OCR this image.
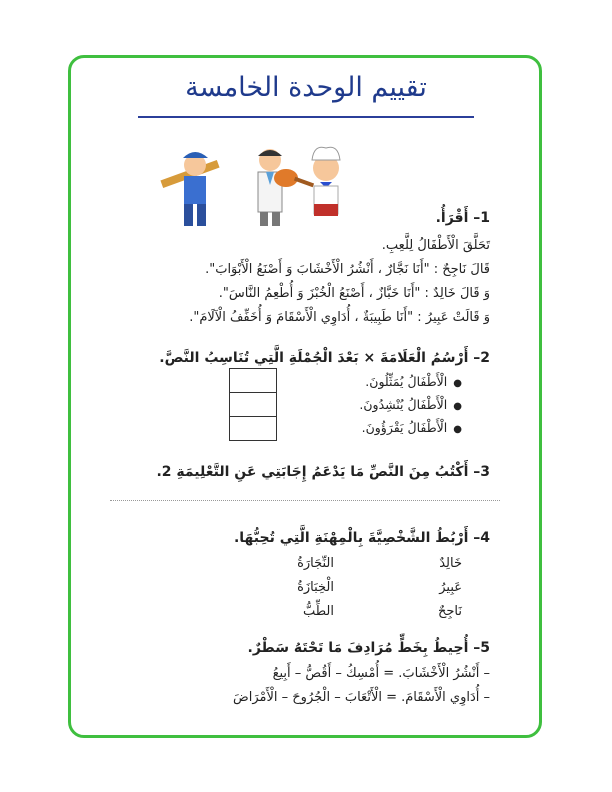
تقييم الوحدة الخامسة
1– أَقْرَأُ.
تَحَلَّقَ الْأَطْفَالُ لِلَّعِبِ.
قَالَ نَاجِحٌ : "أَنَا نَجَّارٌ ، أَنْشُرُ الْأَخْشَابَ وَ أَصْنَعُ الْأَبْوَابَ".
وَ قَالَ خَالِدٌ : "أَنَا خَبَّازٌ ، أَصْنَعُ الْخُبْزَ وَ أُطْعِمُ النَّاسَ".
وَ قَالَتْ عَبِيرُ : "أَنَا طَبِيبَةٌ ، أُدَاوِي الْأَسْقَامَ وَ أُخَفِّفُ الْآلَامَ".
2– أَرْسُمُ الْعَلَامَةَ × بَعْدَ الْجُمْلَةِ الَّتِي تُنَاسِبُ النَّصَّ.
●الْأَطْفَالُ يُمَثِّلُونَ.
●الْأَطْفَالُ يُنْشِدُونَ.
●الْأَطْفَالُ يَقْرَؤُونَ.
3– أَكْتُبُ مِنَ النَّصِّ مَا يَدْعَمُ إِجَابَتِي عَنِ التَّعْلِيمَةِ 2.
4– أَرْبُطُ الشَّخْصِيَّةَ بِالْمِهْنَةِ الَّتِي تُحِبُّهَا.
خَالِدٌ
عَبِيرُ
نَاجِحٌ
النِّجَارَةُ
الْخِبَازَةُ
الطِّبُّ
5– أُحِيطُ بِخَطٍّ مُرَادِفَ مَا تَحْتَهُ سَطْرٌ.
– أَنْشُرُ الْأَخْشَابَ. = أُمْسِكُ – أَقُصُّ – أَبِيعُ
– أُدَاوِي الْأَسْقَامَ. = الْأَتْعَابَ – الْجُرُوحَ – الْأَمْرَاضَ
